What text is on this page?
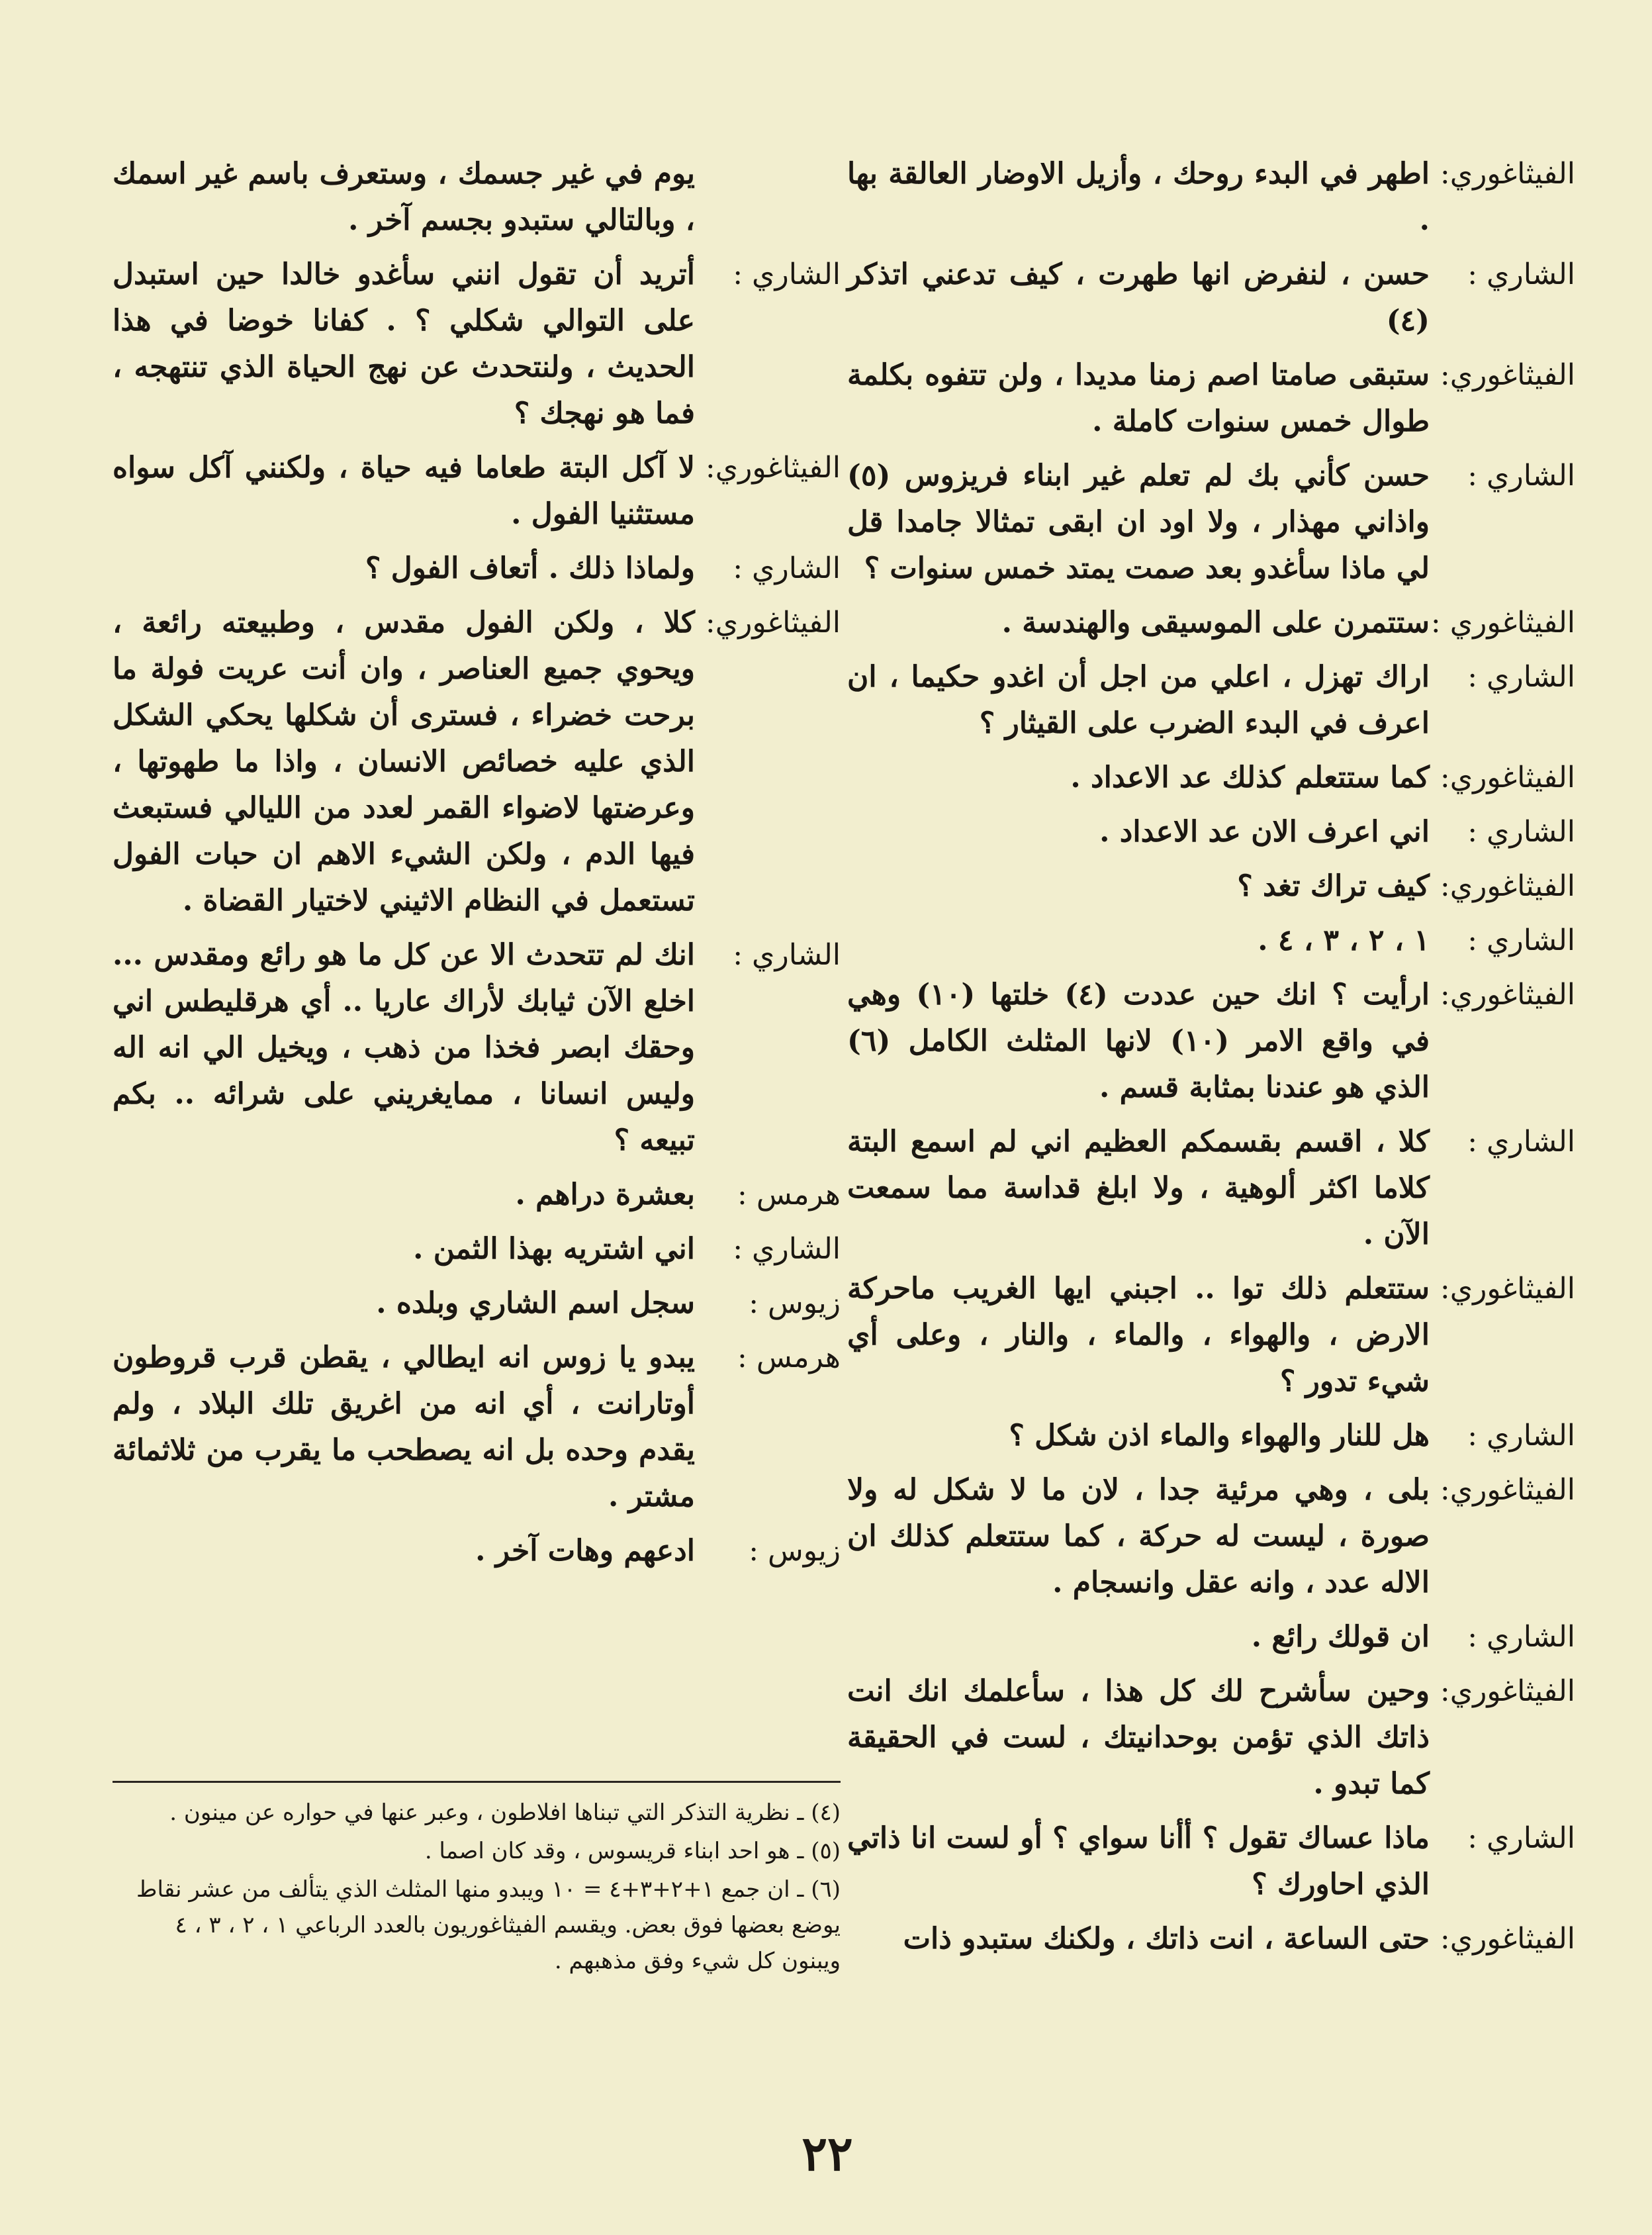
الفيثاغوري:
اطهر في البدء روحك ، وأزيل الاوضار العالقة بها .
الشاري :
حسن ، لنفرض انها طهرت ، كيف تدعني اتذكر (٤)
الفيثاغوري:
ستبقى صامتا اصم زمنا مديدا ، ولن تتفوه بكلمة طوال خمس سنوات كاملة .
الشاري :
حسن كأني بك لم تعلم غير ابناء فريزوس (٥) واذاني مهذار ، ولا اود ان ابقى تمثالا جامدا قل لي ماذا سأغدو بعد صمت يمتد خمس سنوات ؟
الفيثاغوري :
ستتمرن على الموسيقى والهندسة .
الشاري :
اراك تهزل ، اعلي من اجل أن اغدو حكيما ، ان اعرف في البدء الضرب على القيثار ؟
الفيثاغوري:
كما ستتعلم كذلك عد الاعداد .
الشاري :
اني اعرف الان عد الاعداد .
الفيثاغوري:
كيف تراك تغد ؟
الشاري :
١ ، ٢ ، ٣ ، ٤ .
الفيثاغوري:
ارأيت ؟ انك حين عددت (٤) خلتها (١٠) وهي في واقع الامر (١٠) لانها المثلث الكامل (٦) الذي هو عندنا بمثابة قسم .
الشاري :
كلا ، اقسم بقسمكم العظيم اني لم اسمع البتة كلاما اكثر ألوهية ، ولا ابلغ قداسة مما سمعت الآن .
الفيثاغوري:
ستتعلم ذلك توا .. اجبني ايها الغريب ماحركة الارض ، والهواء ، والماء ، والنار ، وعلى أي شيء تدور ؟
الشاري :
هل للنار والهواء والماء اذن شكل ؟
الفيثاغوري:
بلى ، وهي مرئية جدا ، لان ما لا شكل له ولا صورة ، ليست له حركة ، كما ستتعلم كذلك ان الاله عدد ، وانه عقل وانسجام .
الشاري :
ان قولك رائع .
الفيثاغوري:
وحين سأشرح لك كل هذا ، سأعلمك انك انت ذاتك الذي تؤمن بوحدانيتك ، لست في الحقيقة كما تبدو .
الشاري :
ماذا عساك تقول ؟ أأنا سواي ؟ أو لست انا ذاتي الذي احاورك ؟
الفيثاغوري:
حتى الساعة ، انت ذاتك ، ولكنك ستبدو ذات
يوم في غير جسمك ، وستعرف باسم غير اسمك ، وبالتالي ستبدو بجسم آخر .
الشاري :
أتريد أن تقول انني سأغدو خالدا حين استبدل على التوالي شكلي ؟ . كفانا خوضا في هذا الحديث ، ولنتحدث عن نهج الحياة الذي تنتهجه ، فما هو نهجك ؟
الفيثاغوري:
لا آكل البتة طعاما فيه حياة ، ولكنني آكل سواه مستثنيا الفول .
الشاري :
ولماذا ذلك . أتعاف الفول ؟
الفيثاغوري:
كلا ، ولكن الفول مقدس ، وطبيعته رائعة ، ويحوي جميع العناصر ، وان أنت عريت فولة ما برحت خضراء ، فسترى أن شكلها يحكي الشكل الذي عليه خصائص الانسان ، واذا ما طهوتها ، وعرضتها لاضواء القمر لعدد من الليالي فستبعث فيها الدم ، ولكن الشيء الاهم ان حبات الفول تستعمل في النظام الاثيني لاختيار القضاة .
الشاري :
انك لم تتحدث الا عن كل ما هو رائع ومقدس ... اخلع الآن ثيابك لأراك عاريا .. أي هرقليطس اني وحقك ابصر فخذا من ذهب ، ويخيل الي انه اله وليس انسانا ، ممايغريني على شرائه .. بكم تبيعه ؟
هرمس :
بعشرة دراهم .
الشاري :
اني اشتريه بهذا الثمن .
زيوس :
سجل اسم الشاري وبلده .
هرمس :
يبدو يا زوس انه ايطالي ، يقطن قرب قروطون أوتارانت ، أي انه من اغريق تلك البلاد ، ولم يقدم وحده بل انه يصطحب ما يقرب من ثلاثمائة مشتر .
زيوس :
ادعهم وهات آخر .
(٤) ـ نظرية التذكر التي تبناها افلاطون ، وعبر عنها في حواره عن مينون .
(٥) ـ هو احد ابناء قريسوس ، وقد كان اصما .
(٦) ـ ان جمع ١+٢+٣+٤ = ١٠ ويبدو منها المثلث الذي يتألف من عشر نقاط يوضع بعضها فوق بعض. ويقسم الفيثاغوريون بالعدد الرباعي ١ ، ٢ ، ٣ ، ٤ ويبنون كل شيء وفق مذهبهم .
٢٢
